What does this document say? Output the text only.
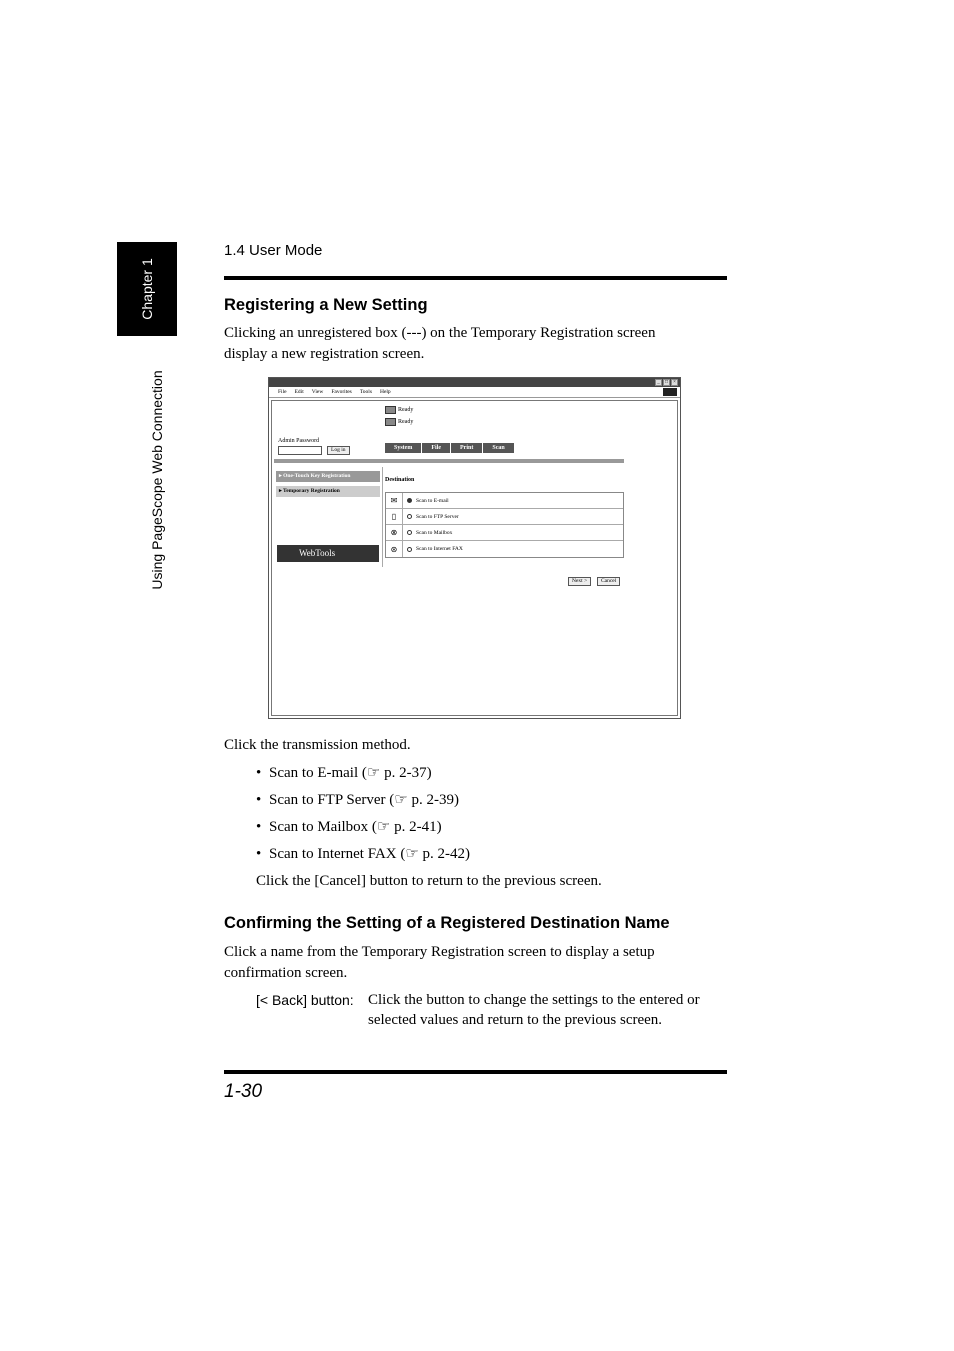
Chapter 1
Using PageScope Web Connection
1.4 User Mode
Registering a New Setting
Clicking an unregistered box (---) on the Temporary Registration screen
display a new registration screen.
_	□	×
File Edit View Favorites Tools Help
Ready
Ready
Admin Password
Log in	System	File	Print	Scan
▸ One-Touch Key Registration
▸ Temporary Registration
WebTools
Destination
✉	Scan to E-mail
▯	Scan to FTP Server
⊗	Scan to Mailbox
⊛	Scan to Internet FAX
Next >	Cancel
Click the transmission method.
• Scan to E-mail (☞ p. 2-37)
• Scan to FTP Server (☞ p. 2-39)
• Scan to Mailbox (☞ p. 2-41)
• Scan to Internet FAX (☞ p. 2-42)
Click the [Cancel] button to return to the previous screen.
Confirming the Setting of a Registered Destination Name
Click a name from the Temporary Registration screen to display a setup
confirmation screen.
[< Back] button: Click the button to change the settings to the entered or
selected values and return to the previous screen.
1-30
